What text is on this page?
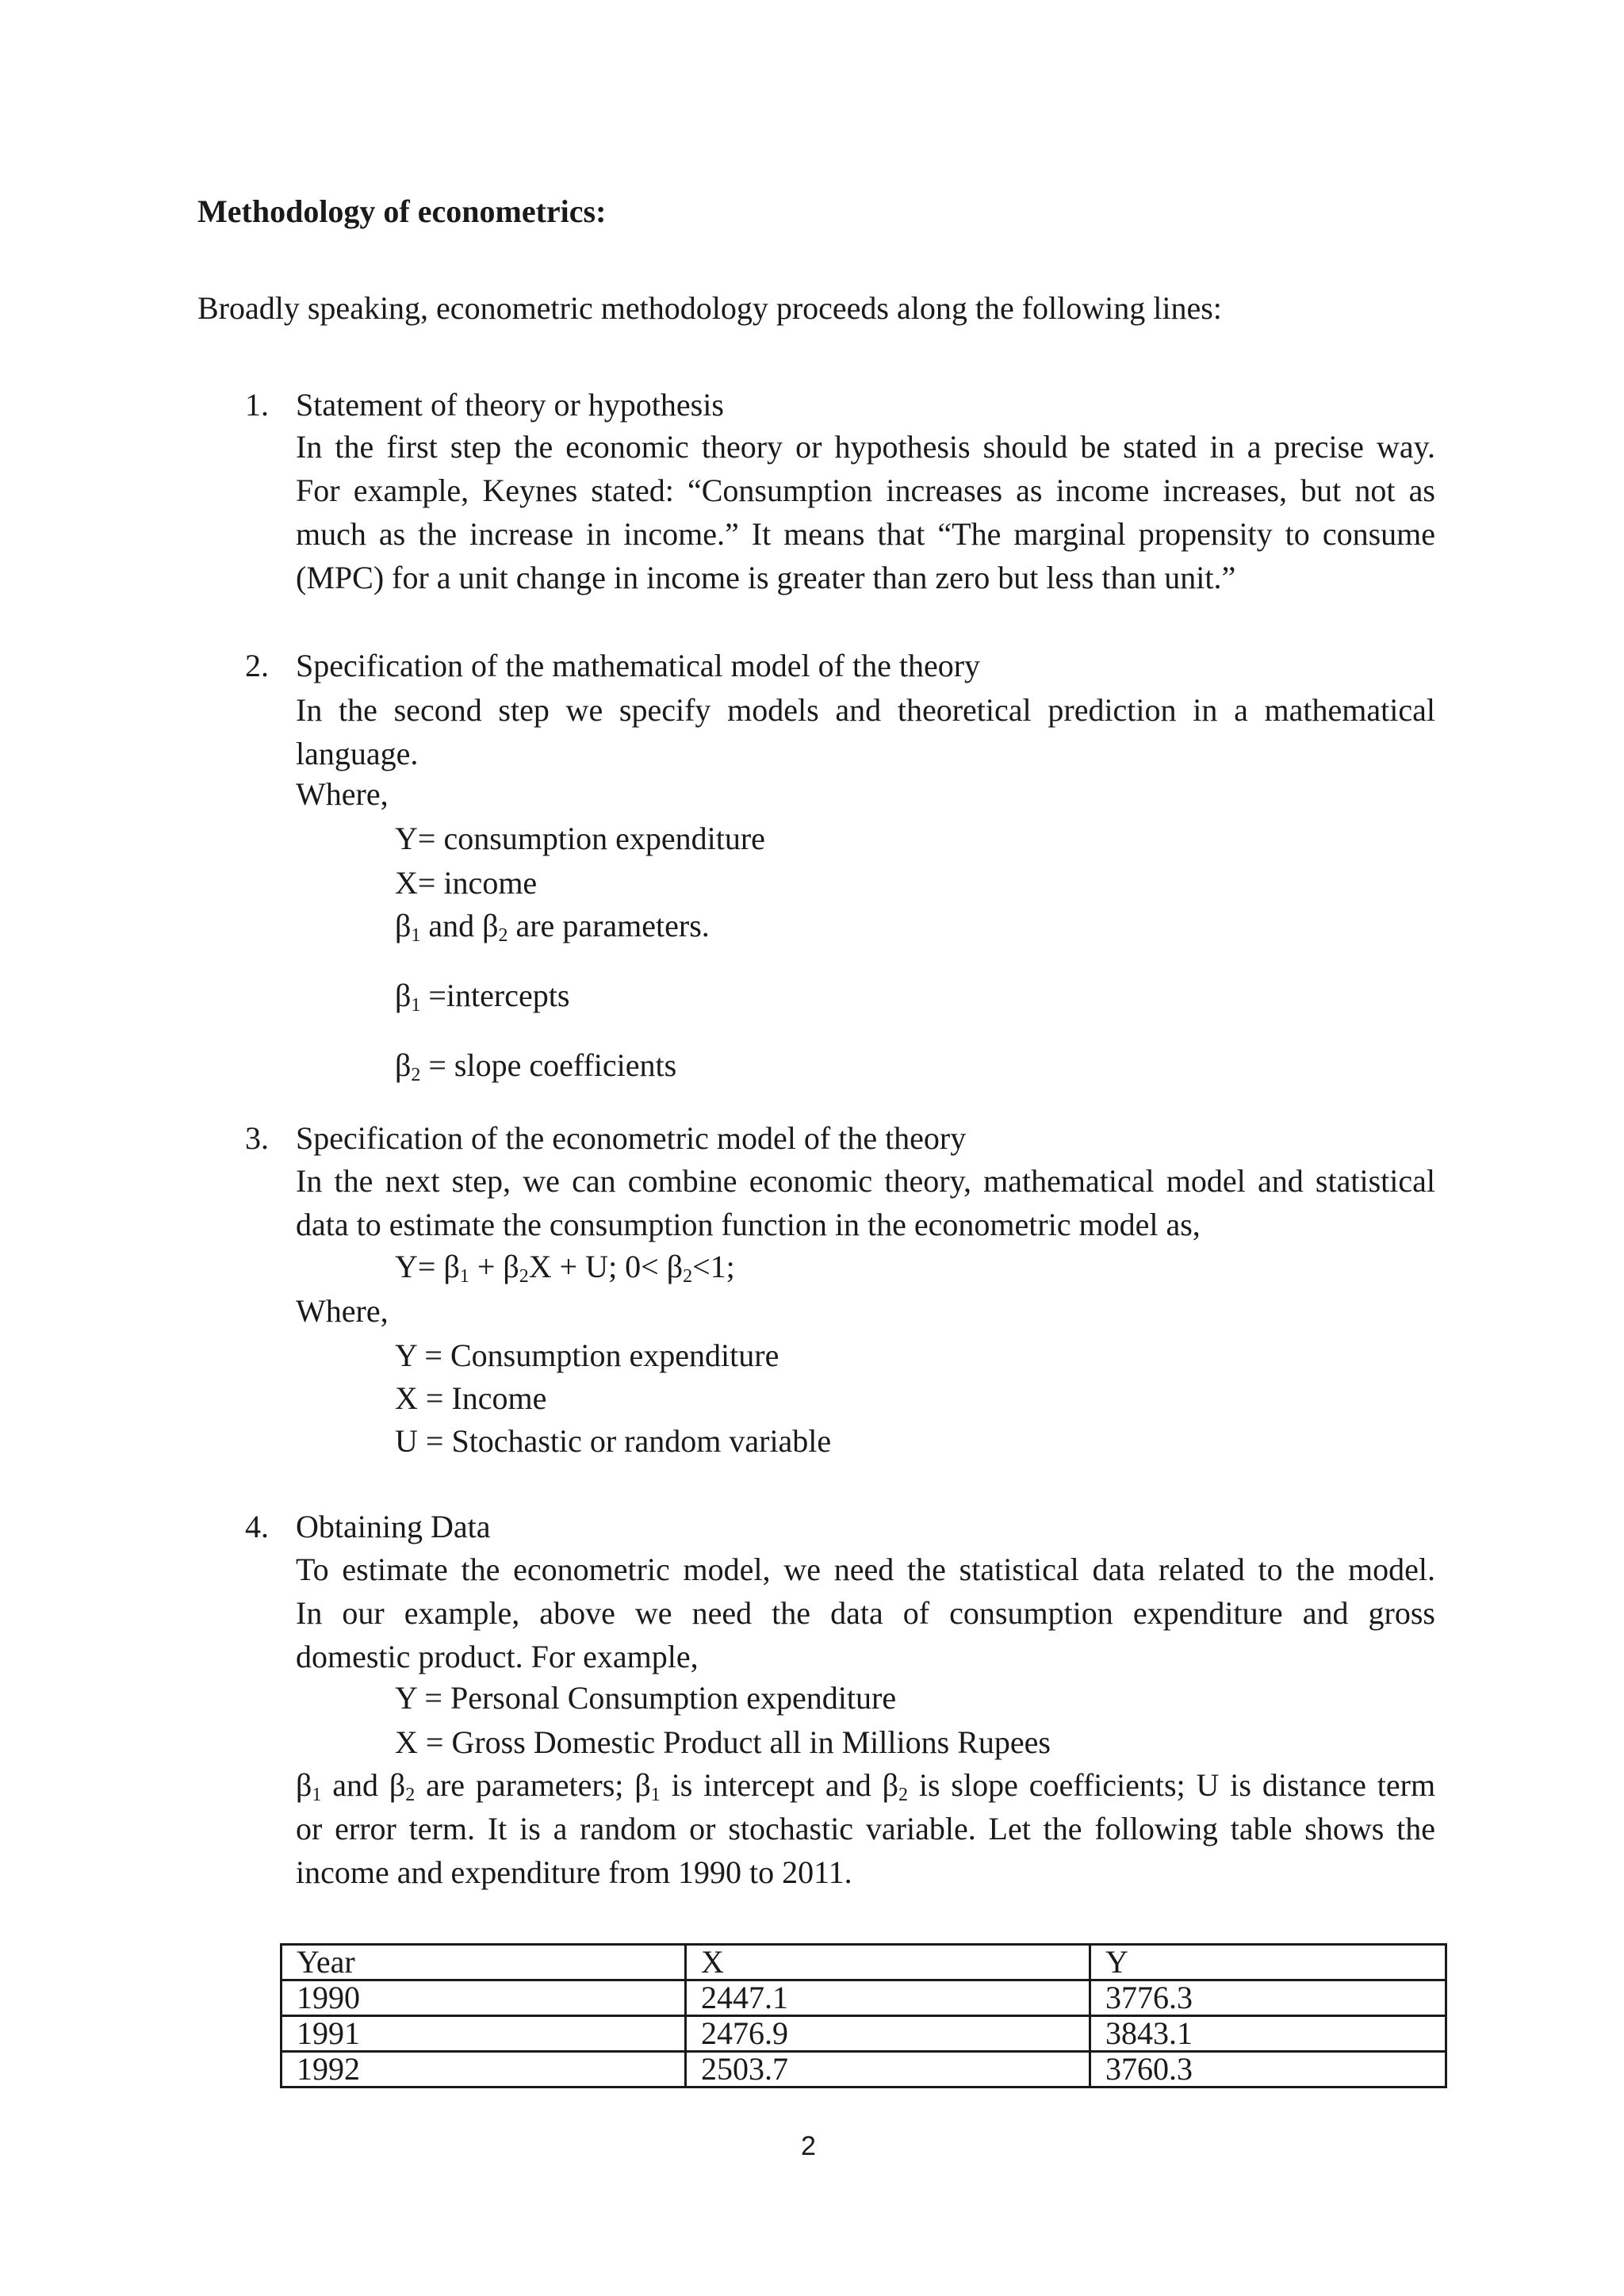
Methodology of econometrics:
Broadly speaking, econometric methodology proceeds along the following lines:
1. Statement of theory or hypothesis
In the first step the economic theory or hypothesis should be stated in a precise way.
For example, Keynes stated: “Consumption increases as income increases, but not as
much as the increase in income.” It means that “The marginal propensity to consume
(MPC) for a unit change in income is greater than zero but less than unit.”
2. Specification of the mathematical model of the theory
In the second step we specify models and theoretical prediction in a mathematical
language.
Where,
Y= consumption expenditure
X= income
$\beta_1$ and $\beta_2$ are parameters.
$\beta_1$ =intercepts
$\beta_2$ = slope coefficients
3. Specification of the econometric model of the theory
In the next step, we can combine economic theory, mathematical model and statistical
data to estimate the consumption function in the econometric model as,
$Y= \beta_1 + \beta_2X + U$; $0< \beta_2<1$;
Where,
Y = Consumption expenditure
X = Income
U = Stochastic or random variable
4. Obtaining Data
To estimate the econometric model, we need the statistical data related to the model.
In our example, above we need the data of consumption expenditure and gross
domestic product. For example,
Y = Personal Consumption expenditure
X = Gross Domestic Product all in Millions Rupees
$\beta_1$ and $\beta_2$ are parameters; $\beta_1$ is intercept and $\beta_2$ is slope coefficients; U is distance term
or error term. It is a random or stochastic variable. Let the following table shows the
income and expenditure from 1990 to 2011.
Year	X	Y
1990	2447.1	3776.3
1991	2476.9	3843.1
1992	2503.7	3760.3
2
